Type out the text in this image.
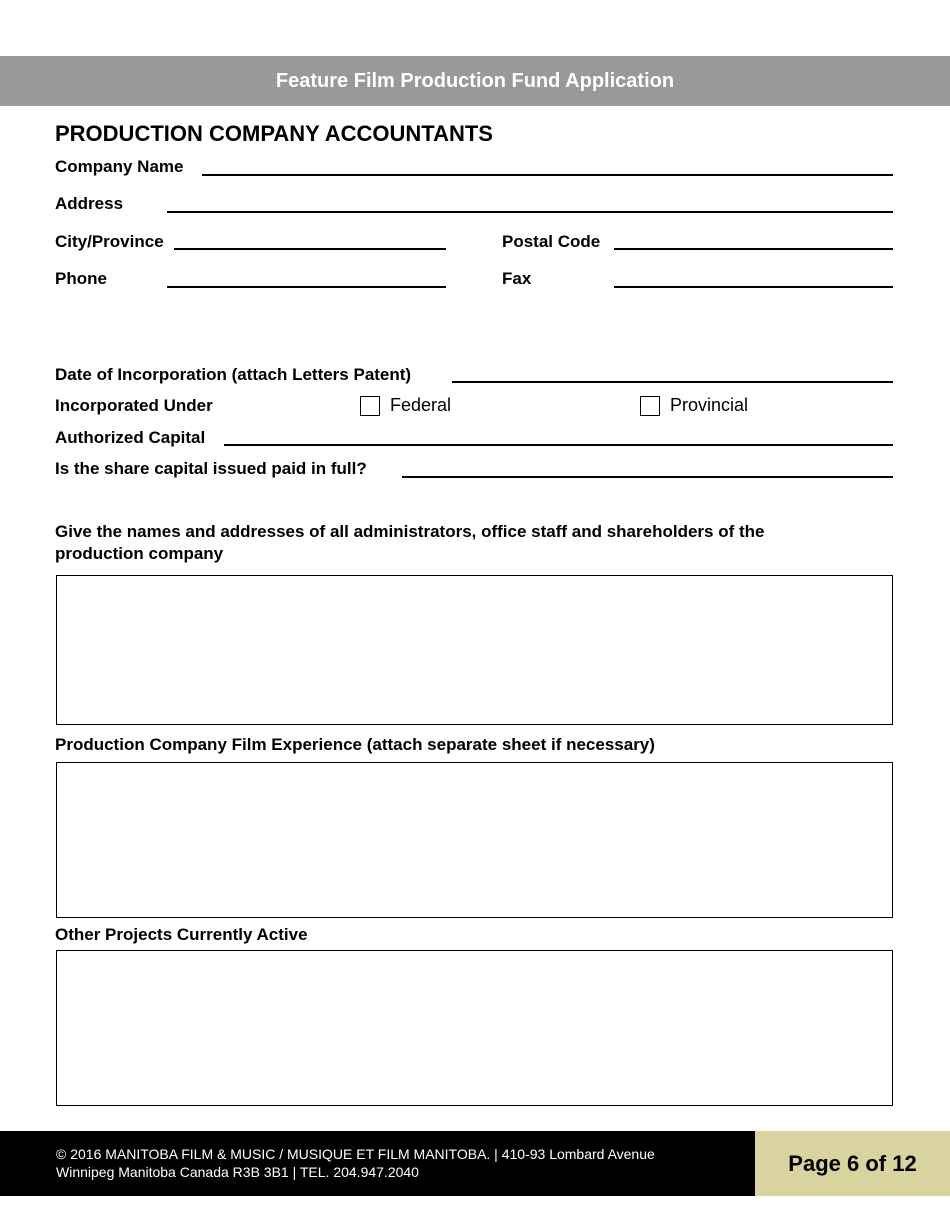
Feature Film Production Fund Application
PRODUCTION COMPANY ACCOUNTANTS
Company Name
Address
City/Province	Postal Code
Phone	Fax
Date of Incorporation (attach Letters Patent)
Incorporated Under	Federal	Provincial
Authorized Capital
Is the share capital issued paid in full?
Give the names and addresses of all administrators, office staff and shareholders of the
production company
Production Company Film Experience (attach separate sheet if necessary)
Other Projects Currently Active
© 2016 MANITOBA FILM & MUSIC / MUSIQUE ET FILM MANITOBA. | 410-93 Lombard Avenue
Winnipeg Manitoba Canada R3B 3B1 | TEL. 204.947.2040	Page 6 of 12
